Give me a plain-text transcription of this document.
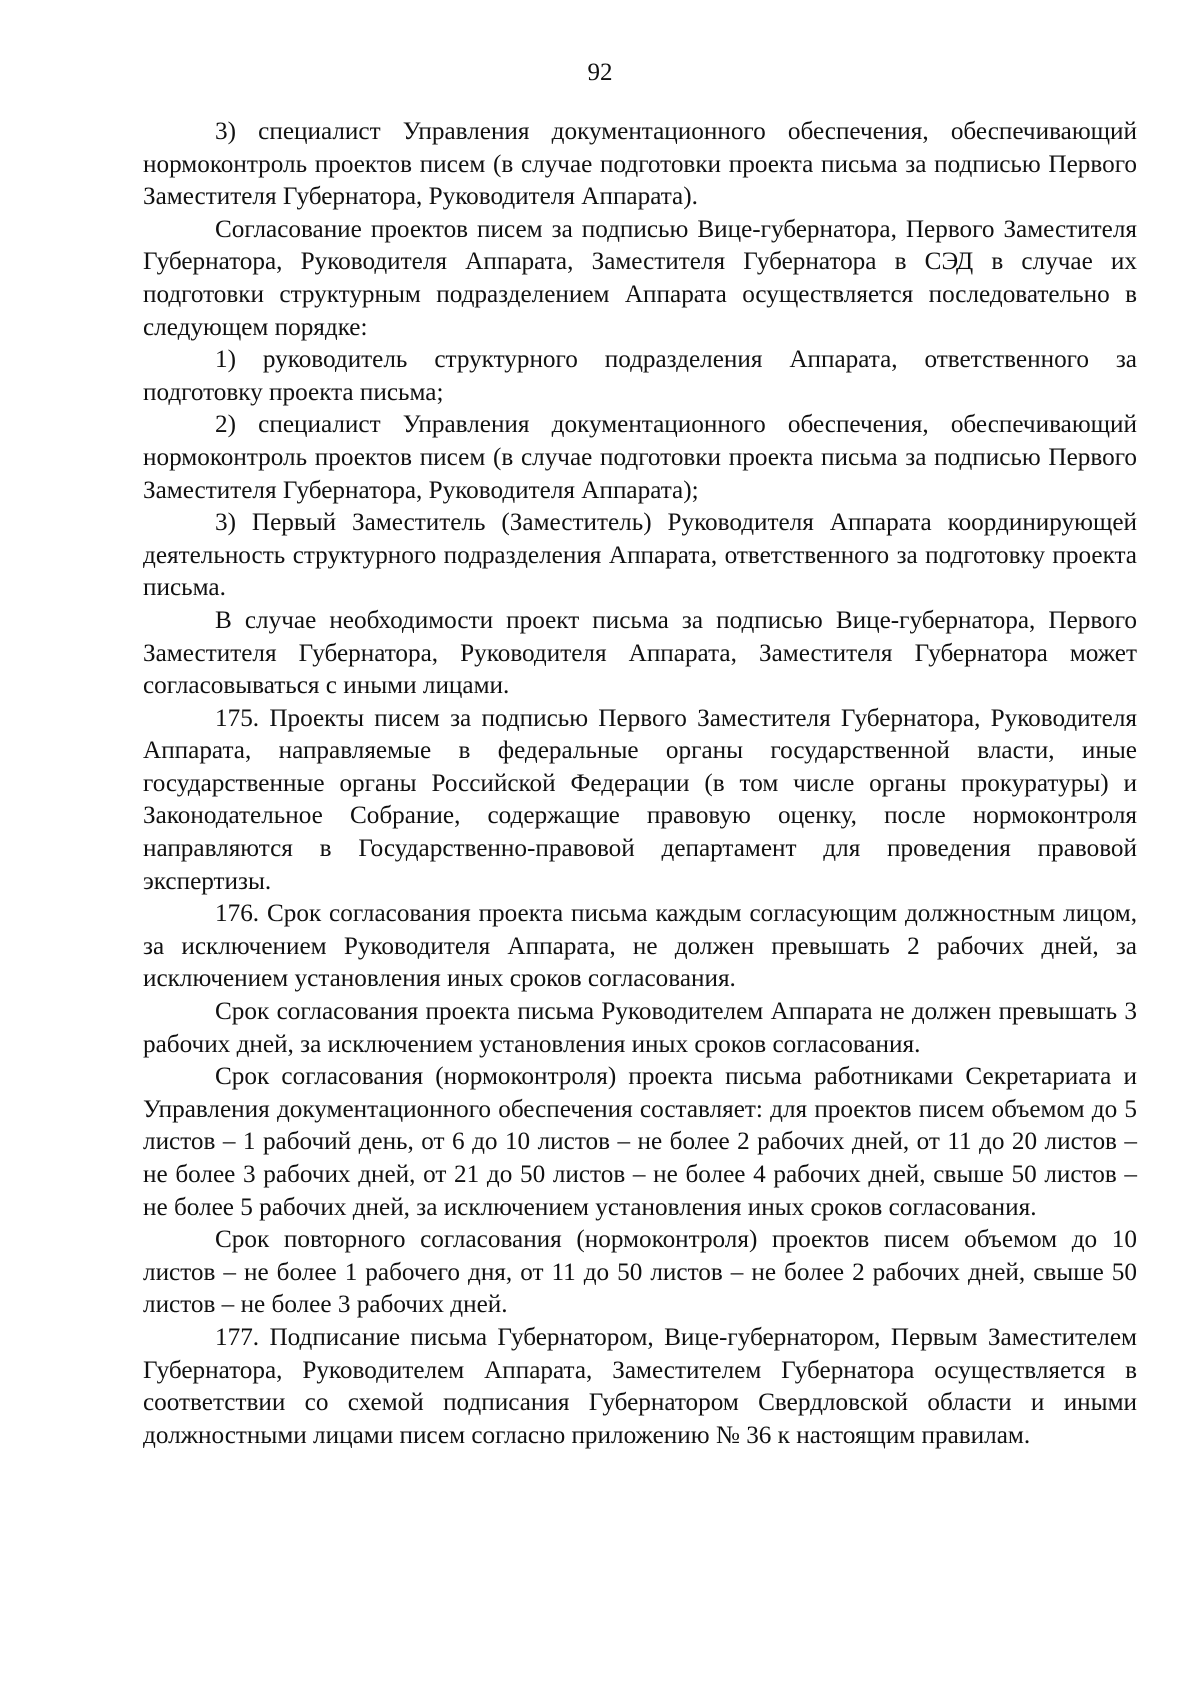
92

3) специалист Управления документационного обеспечения, обеспечивающий нормоконтроль проектов писем (в случае подготовки проекта письма за подписью Первого Заместителя Губернатора, Руководителя Аппарата).

Согласование проектов писем за подписью Вице-губернатора, Первого Заместителя Губернатора, Руководителя Аппарата, Заместителя Губернатора в СЭД в случае их подготовки структурным подразделением Аппарата осуществляется последовательно в следующем порядке:

1) руководитель структурного подразделения Аппарата, ответственного за подготовку проекта письма;

2) специалист Управления документационного обеспечения, обеспечивающий нормоконтроль проектов писем (в случае подготовки проекта письма за подписью Первого Заместителя Губернатора, Руководителя Аппарата);

3) Первый Заместитель (Заместитель) Руководителя Аппарата координирующей деятельность структурного подразделения Аппарата, ответственного за подготовку проекта письма.

В случае необходимости проект письма за подписью Вице-губернатора, Первого Заместителя Губернатора, Руководителя Аппарата, Заместителя Губернатора может согласовываться с иными лицами.

175. Проекты писем за подписью Первого Заместителя Губернатора, Руководителя Аппарата, направляемые в федеральные органы государственной власти, иные государственные органы Российской Федерации (в том числе органы прокуратуры) и Законодательное Собрание, содержащие правовую оценку, после нормоконтроля направляются в Государственно-правовой департамент для проведения правовой экспертизы.

176. Срок согласования проекта письма каждым согласующим должностным лицом, за исключением Руководителя Аппарата, не должен превышать 2 рабочих дней, за исключением установления иных сроков согласования.

Срок согласования проекта письма Руководителем Аппарата не должен превышать 3 рабочих дней, за исключением установления иных сроков согласования.

Срок согласования (нормоконтроля) проекта письма работниками Секретариата и Управления документационного обеспечения составляет: для проектов писем объемом до 5 листов – 1 рабочий день, от 6 до 10 листов – не более 2 рабочих дней, от 11 до 20 листов – не более 3 рабочих дней, от 21 до 50 листов – не более 4 рабочих дней, свыше 50 листов – не более 5 рабочих дней, за исключением установления иных сроков согласования.

Срок повторного согласования (нормоконтроля) проектов писем объемом до 10 листов – не более 1 рабочего дня, от 11 до 50 листов – не более 2 рабочих дней, свыше 50 листов – не более 3 рабочих дней.

177. Подписание письма Губернатором, Вице-губернатором, Первым Заместителем Губернатора, Руководителем Аппарата, Заместителем Губернатора осуществляется в соответствии со схемой подписания Губернатором Свердловской области и иными должностными лицами писем согласно приложению № 36 к настоящим правилам.
